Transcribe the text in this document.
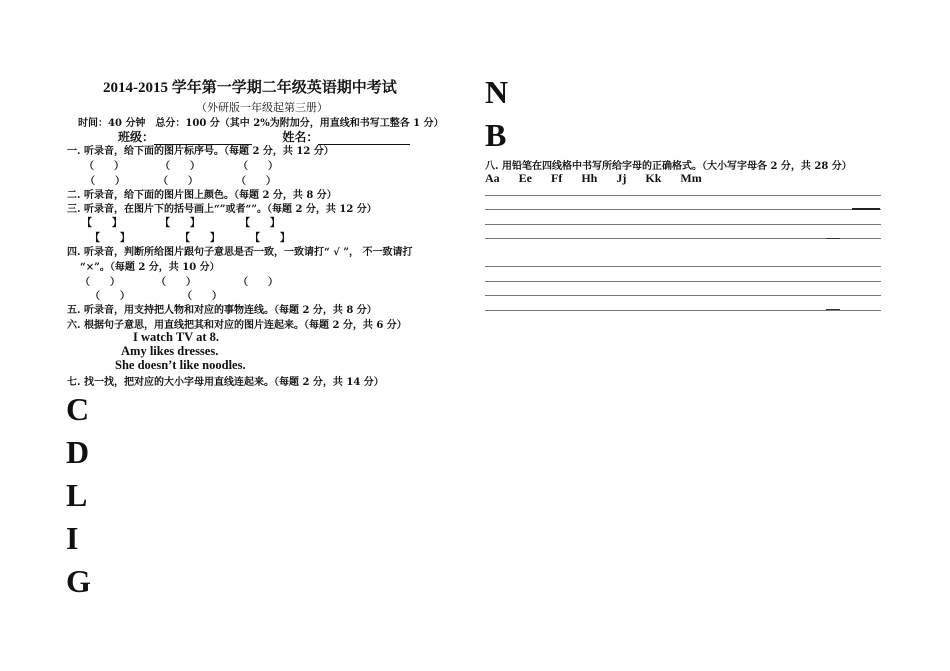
2014-2015 学年第一学期二年级英语期中考试
（外研版一年级起第三册）
时间：40 分钟　总分：100 分（其中 2%为附加分，用直线和书写工整各 1 分）
班级：	姓名：
一. 听录音，给下面的图片标序号。（每题 2 分，共 12 分）
（　　）	（　　）	（　　）
（　　）	（　　）	（　　）
二. 听录音，给下面的图片图上颜色。（每题 2 分，共 8 分）
三. 听录音，在图片下的括号画上“”或者“”。（每题 2 分，共 12 分）
【　　】	【　　】	【　　】
【　　】	【　　】	【　　】
四. 听录音，判断所给图片跟句子意思是否一致，一致请打“ √ ”， 不一致请打
“×”。（每题 2 分，共 10 分）
（　　）	（　　）	（　　）
（　　）	（　　）
五. 听录音，用支持把人物和对应的事物连线。（每题 2 分，共 8 分）
六. 根据句子意思，用直线把其和对应的图片连起来。（每题 2 分，共 6 分）
I watch TV at 8.
Amy likes dresses.
She doesn’t like noodles.
七. 找一找，把对应的大小字母用直线连起来。（每题 2 分，共 14 分）
C
D
L
I
G
N
B
八. 用铅笔在四线格中书写所给字母的正确格式。（大小写字母各 2 分，共 28 分）
Aa Ee Ff Hh Jj Kk Mm
